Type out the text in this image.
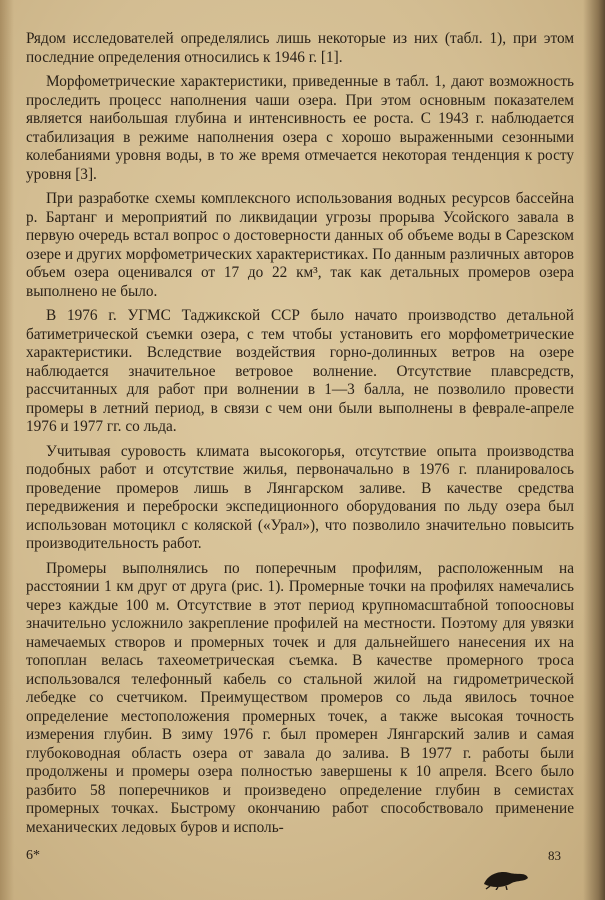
Рядом исследователей определялись лишь некоторые из них (табл. 1), при этом последние определения относились к 1946 г. [1].

Морфометрические характеристики, приведенные в табл. 1, дают возможность проследить процесс наполнения чаши озера. При этом основным показателем является наибольшая глубина и интенсивность ее роста. С 1943 г. наблюдается стабилизация в режиме наполнения озера с хорошо выраженными сезонными колебаниями уровня воды, в то же время отмечается некоторая тенденция к росту уровня [3].

При разработке схемы комплексного использования водных ресурсов бассейна р. Бартанг и мероприятий по ликвидации угрозы прорыва Усойского завала в первую очередь встал вопрос о достоверности данных об объеме воды в Сарезском озере и других морфометрических характеристиках. По данным различных авторов объем озера оценивался от 17 до 22 км³, так как детальных промеров озера выполнено не было.

В 1976 г. УГМС Таджикской ССР было начато производство детальной батиметрической съемки озера, с тем чтобы установить его морфометрические характеристики. Вследствие воздействия горно-долинных ветров на озере наблюдается значительное ветровое волнение. Отсутствие плавсредств, рассчитанных для работ при волнении в 1—3 балла, не позволило провести промеры в летний период, в связи с чем они были выполнены в феврале-апреле 1976 и 1977 гг. со льда.

Учитывая суровость климата высокогорья, отсутствие опыта производства подобных работ и отсутствие жилья, первоначально в 1976 г. планировалось проведение промеров лишь в Лянгарском заливе. В качестве средства передвижения и переброски экспедиционного оборудования по льду озера был использован мотоцикл с коляской («Урал»), что позволило значительно повысить производительность работ.

Промеры выполнялись по поперечным профилям, расположенным на расстоянии 1 км друг от друга (рис. 1). Промерные точки на профилях намечались через каждые 100 м. Отсутствие в этот период крупномасштабной топоосновы значительно усложнило закрепление профилей на местности. Поэтому для увязки намечаемых створов и промерных точек и для дальнейшего нанесения их на топоплан велась тахеометрическая съемка. В качестве промерного троса использовался телефонный кабель со стальной жилой на гидрометрической лебедке со счетчиком. Преимуществом промеров со льда явилось точное определение местоположения промерных точек, а также высокая точность измерения глубин. В зиму 1976 г. был промерен Лянгарский залив и самая глубоководная область озера от завала до залива. В 1977 г. работы были продолжены и промеры озера полностью завершены к 10 апреля. Всего было разбито 58 поперечников и произведено определение глубин в семистах промерных точках. Быстрому окончанию работ способствовало применение механических ледовых буров и исполь-

6*	83
